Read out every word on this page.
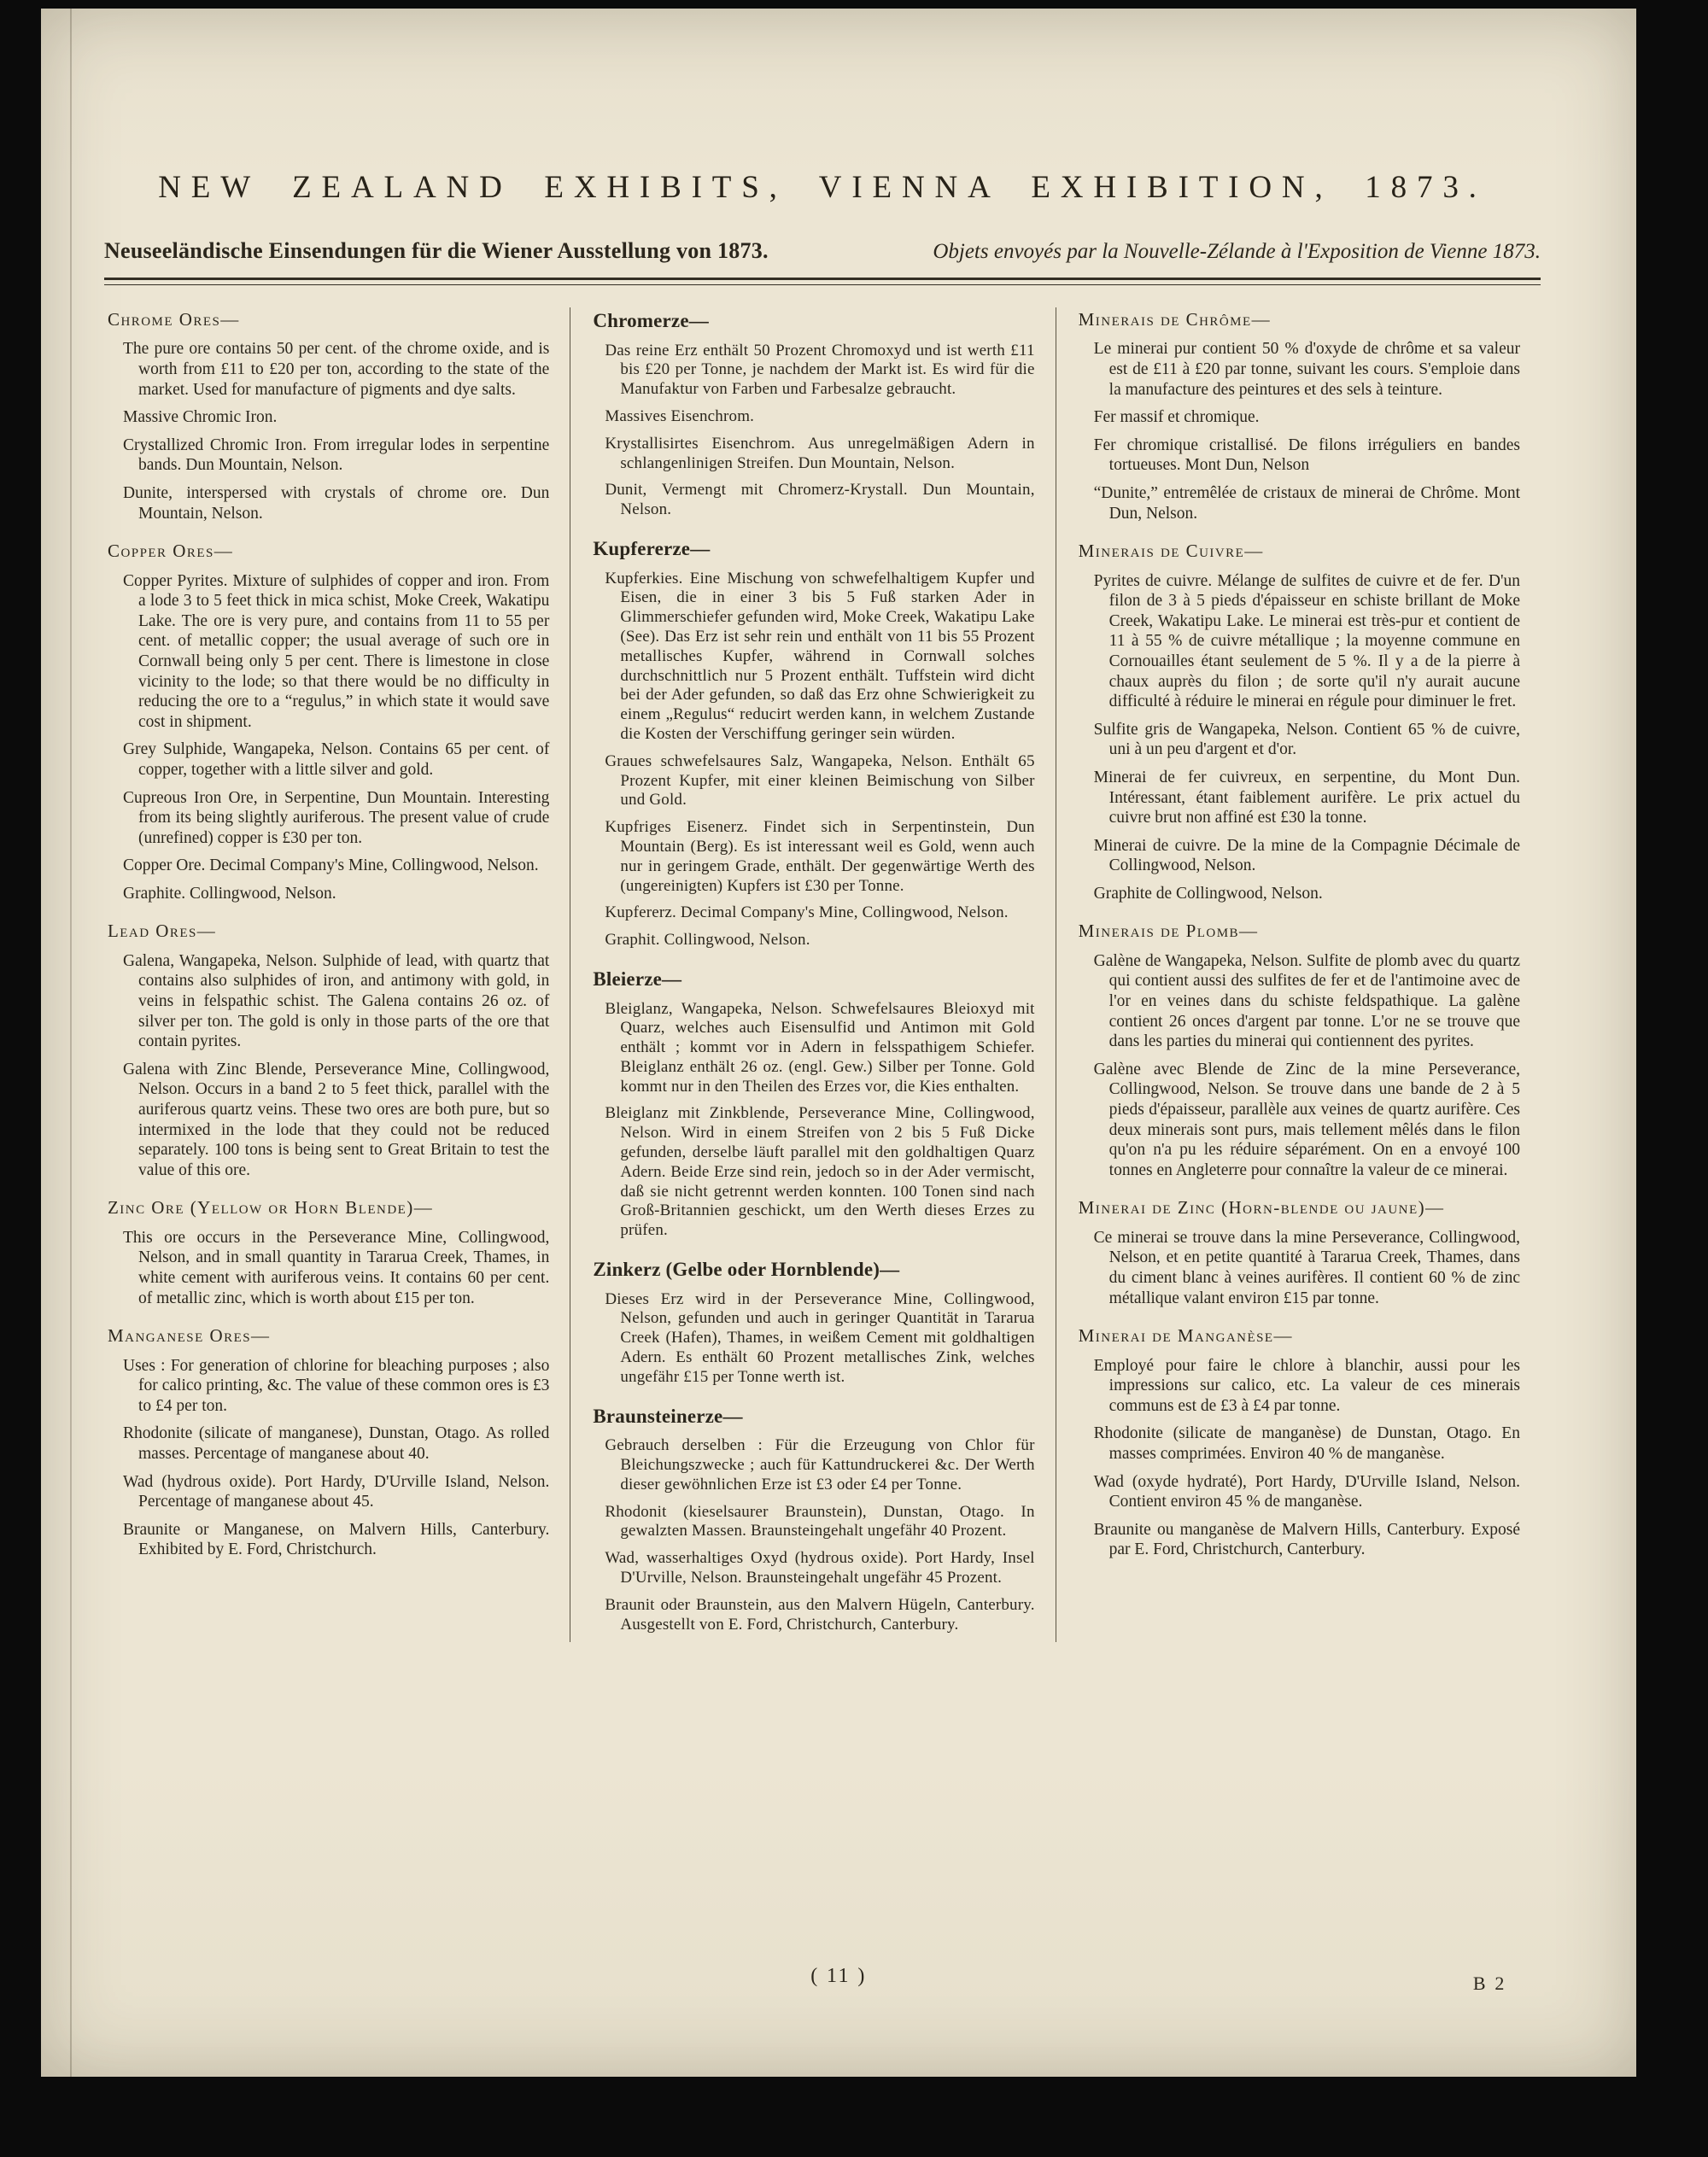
NEW ZEALAND EXHIBITS, VIENNA EXHIBITION, 1873.
Neuseeländische Einsendungen für die Wiener Ausstellung von 1873.	Objets envoyés par la Nouvelle-Zélande à l'Exposition de Vienne 1873.
Chrome Ores—

The pure ore contains 50 per cent. of the chrome oxide, and is worth from £11 to £20 per ton, according to the state of the market. Used for manufacture of pigments and dye salts.

Massive Chromic Iron.

Crystallized Chromic Iron. From irregular lodes in serpentine bands. Dun Mountain, Nelson.

Dunite, interspersed with crystals of chrome ore. Dun Mountain, Nelson.

Copper Ores—

Copper Pyrites. Mixture of sulphides of copper and iron. From a lode 3 to 5 feet thick in mica schist, Moke Creek, Wakatipu Lake. The ore is very pure, and contains from 11 to 55 per cent. of metallic copper; the usual average of such ore in Cornwall being only 5 per cent. There is limestone in close vicinity to the lode; so that there would be no difficulty in reducing the ore to a “regulus,” in which state it would save cost in shipment.

Grey Sulphide, Wangapeka, Nelson. Contains 65 per cent. of copper, together with a little silver and gold.

Cupreous Iron Ore, in Serpentine, Dun Mountain. Interesting from its being slightly auriferous. The present value of crude (unrefined) copper is £30 per ton.

Copper Ore. Decimal Company's Mine, Collingwood, Nelson.

Graphite. Collingwood, Nelson.

Lead Ores—

Galena, Wangapeka, Nelson. Sulphide of lead, with quartz that contains also sulphides of iron, and antimony with gold, in veins in felspathic schist. The Galena contains 26 oz. of silver per ton. The gold is only in those parts of the ore that contain pyrites.

Galena with Zinc Blende, Perseverance Mine, Collingwood, Nelson. Occurs in a band 2 to 5 feet thick, parallel with the auriferous quartz veins. These two ores are both pure, but so intermixed in the lode that they could not be reduced separately. 100 tons is being sent to Great Britain to test the value of this ore.

Zinc Ore (Yellow or Horn Blende)—

This ore occurs in the Perseverance Mine, Collingwood, Nelson, and in small quantity in Tararua Creek, Thames, in white cement with auriferous veins. It contains 60 per cent. of metallic zinc, which is worth about £15 per ton.

Manganese Ores—

Uses : For generation of chlorine for bleaching purposes ; also for calico printing, &c. The value of these common ores is £3 to £4 per ton.

Rhodonite (silicate of manganese), Dunstan, Otago. As rolled masses. Percentage of manganese about 40.

Wad (hydrous oxide). Port Hardy, D'Urville Island, Nelson. Percentage of manganese about 45.

Braunite or Manganese, on Malvern Hills, Canterbury. Exhibited by E. Ford, Christchurch.

Chromerze—

Das reine Erz enthält 50 Prozent Chromoxyd und ist werth £11 bis £20 per Tonne, je nachdem der Markt ist. Es wird für die Manufaktur von Farben und Farbesalze gebraucht.

Massives Eisenchrom.

Krystallisirtes Eisenchrom. Aus unregelmäßigen Adern in schlangenlinigen Streifen. Dun Mountain, Nelson.

Dunit, Vermengt mit Chromerz-Krystall. Dun Mountain, Nelson.

Kupfererze—

Kupferkies. Eine Mischung von schwefelhaltigem Kupfer und Eisen, die in einer 3 bis 5 Fuß starken Ader in Glimmerschiefer gefunden wird, Moke Creek, Wakatipu Lake (See). Das Erz ist sehr rein und enthält von 11 bis 55 Prozent metallisches Kupfer, während in Cornwall solches durchschnittlich nur 5 Prozent enthält. Tuffstein wird dicht bei der Ader gefunden, so daß das Erz ohne Schwierigkeit zu einem „Regulus“ reducirt werden kann, in welchem Zustande die Kosten der Verschiffung geringer sein würden.

Graues schwefelsaures Salz, Wangapeka, Nelson. Enthält 65 Prozent Kupfer, mit einer kleinen Beimischung von Silber und Gold.

Kupfriges Eisenerz. Findet sich in Serpentinstein, Dun Mountain (Berg). Es ist interessant weil es Gold, wenn auch nur in geringem Grade, enthält. Der gegenwärtige Werth des (ungereinigten) Kupfers ist £30 per Tonne.

Kupfererz. Decimal Company's Mine, Collingwood, Nelson.

Graphit. Collingwood, Nelson.

Bleierze—

Bleiglanz, Wangapeka, Nelson. Schwefelsaures Bleioxyd mit Quarz, welches auch Eisensulfid und Antimon mit Gold enthält ; kommt vor in Adern in felsspathigem Schiefer. Bleiglanz enthält 26 oz. (engl. Gew.) Silber per Tonne. Gold kommt nur in den Theilen des Erzes vor, die Kies enthalten.

Bleiglanz mit Zinkblende, Perseverance Mine, Collingwood, Nelson. Wird in einem Streifen von 2 bis 5 Fuß Dicke gefunden, derselbe läuft parallel mit den goldhaltigen Quarz Adern. Beide Erze sind rein, jedoch so in der Ader vermischt, daß sie nicht getrennt werden konnten. 100 Tonen sind nach Groß-Britannien geschickt, um den Werth dieses Erzes zu prüfen.

Zinkerz (Gelbe oder Hornblende)—

Dieses Erz wird in der Perseverance Mine, Collingwood, Nelson, gefunden und auch in geringer Quantität in Tararua Creek (Hafen), Thames, in weißem Cement mit goldhaltigen Adern. Es enthält 60 Prozent metallisches Zink, welches ungefähr £15 per Tonne werth ist.

Braunsteinerze—

Gebrauch derselben : Für die Erzeugung von Chlor für Bleichungszwecke ; auch für Kattundruckerei &c. Der Werth dieser gewöhnlichen Erze ist £3 oder £4 per Tonne.

Rhodonit (kieselsaurer Braunstein), Dunstan, Otago. In gewalzten Massen. Braunsteingehalt ungefähr 40 Prozent.

Wad, wasserhaltiges Oxyd (hydrous oxide). Port Hardy, Insel D'Urville, Nelson. Braunsteingehalt ungefähr 45 Prozent.

Braunit oder Braunstein, aus den Malvern Hügeln, Canterbury. Ausgestellt von E. Ford, Christchurch, Canterbury.

Minerais de Chrôme—

Le minerai pur contient 50 % d'oxyde de chrôme et sa valeur est de £11 à £20 par tonne, suivant les cours. S'emploie dans la manufacture des peintures et des sels à teinture.

Fer massif et chromique.

Fer chromique cristallisé. De filons irréguliers en bandes tortueuses. Mont Dun, Nelson

“Dunite,” entremêlée de cristaux de minerai de Chrôme. Mont Dun, Nelson.

Minerais de Cuivre—

Pyrites de cuivre. Mélange de sulfites de cuivre et de fer. D'un filon de 3 à 5 pieds d'épaisseur en schiste brillant de Moke Creek, Wakatipu Lake. Le minerai est très-pur et contient de 11 à 55 % de cuivre métallique ; la moyenne commune en Cornouailles étant seulement de 5 %. Il y a de la pierre à chaux auprès du filon ; de sorte qu'il n'y aurait aucune difficulté à réduire le minerai en régule pour diminuer le fret.

Sulfite gris de Wangapeka, Nelson. Contient 65 % de cuivre, uni à un peu d'argent et d'or.

Minerai de fer cuivreux, en serpentine, du Mont Dun. Intéressant, étant faiblement aurifère. Le prix actuel du cuivre brut non affiné est £30 la tonne.

Minerai de cuivre. De la mine de la Compagnie Décimale de Collingwood, Nelson.

Graphite de Collingwood, Nelson.

Minerais de Plomb—

Galène de Wangapeka, Nelson. Sulfite de plomb avec du quartz qui contient aussi des sulfites de fer et de l'antimoine avec de l'or en veines dans du schiste feldspathique. La galène contient 26 onces d'argent par tonne. L'or ne se trouve que dans les parties du minerai qui contiennent des pyrites.

Galène avec Blende de Zinc de la mine Perseverance, Collingwood, Nelson. Se trouve dans une bande de 2 à 5 pieds d'épaisseur, parallèle aux veines de quartz aurifère. Ces deux minerais sont purs, mais tellement mêlés dans le filon qu'on n'a pu les réduire séparément. On en a envoyé 100 tonnes en Angleterre pour connaître la valeur de ce minerai.

Minerai de Zinc (Horn-blende ou jaune)—

Ce minerai se trouve dans la mine Perseverance, Collingwood, Nelson, et en petite quantité à Tararua Creek, Thames, dans du ciment blanc à veines aurifères. Il contient 60 % de zinc métallique valant environ £15 par tonne.

Minerai de Manganèse—

Employé pour faire le chlore à blanchir, aussi pour les impressions sur calico, etc. La valeur de ces minerais communs est de £3 à £4 par tonne.

Rhodonite (silicate de manganèse) de Dunstan, Otago. En masses comprimées. Environ 40 % de manganèse.

Wad (oxyde hydraté), Port Hardy, D'Urville Island, Nelson. Contient environ 45 % de manganèse.

Braunite ou manganèse de Malvern Hills, Canterbury. Exposé par E. Ford, Christchurch, Canterbury.

( 11 )	B 2
